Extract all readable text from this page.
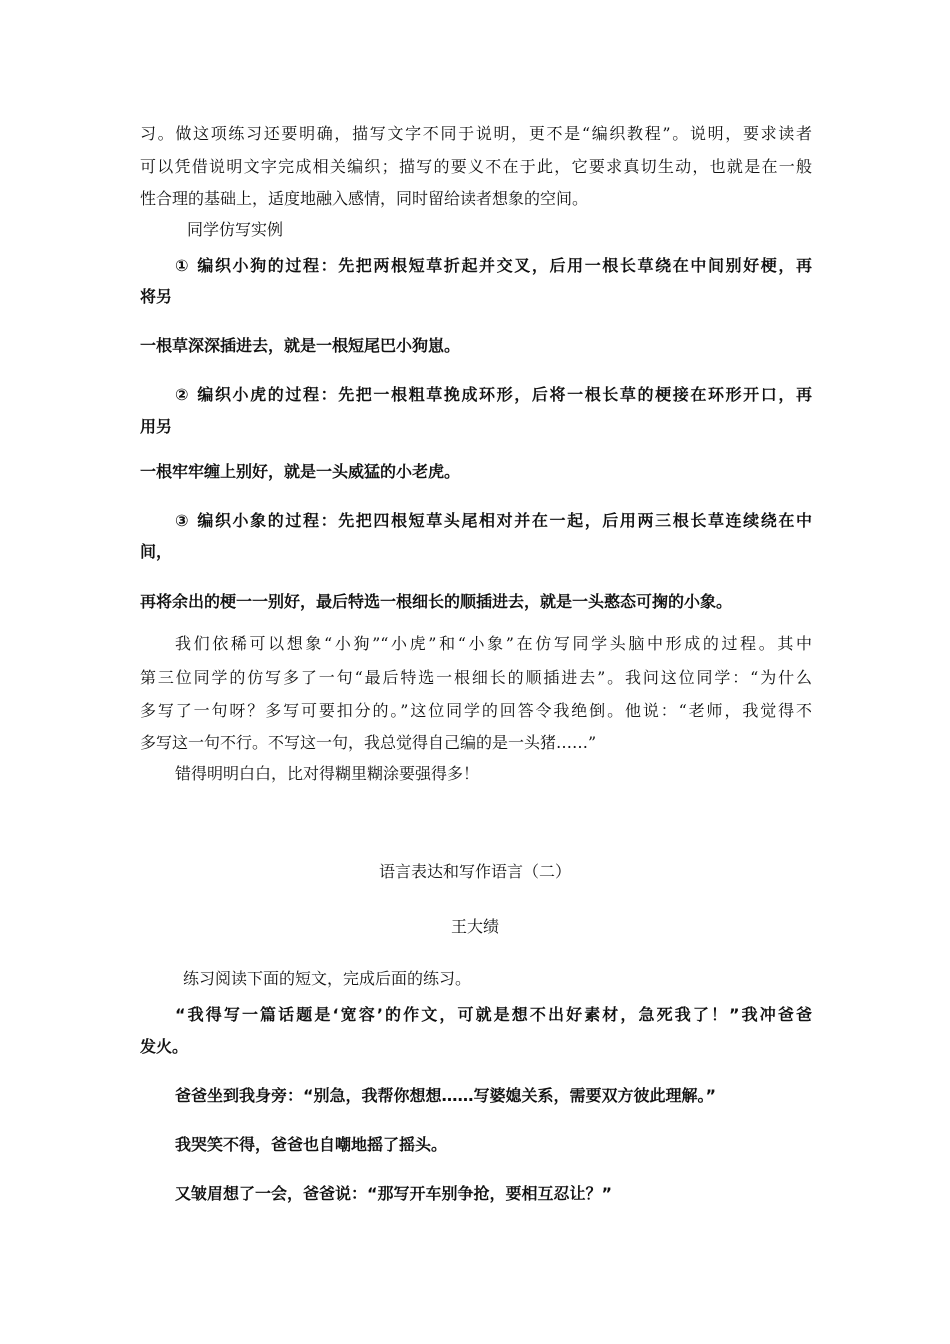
习。做这项练习还要明确，描写文字不同于说明，更不是“编织教程”。说明，要求读者
可以凭借说明文字完成相关编织；描写的要义不在于此，它要求真切生动，也就是在一般
性合理的基础上，适度地融入感情，同时留给读者想象的空间。
同学仿写实例
① 编织小狗的过程：先把两根短草折起并交叉，后用一根长草绕在中间别好梗，再
将另
一根草深深插进去，就是一根短尾巴小狗崽。
② 编织小虎的过程：先把一根粗草挽成环形，后将一根长草的梗接在环形开口，再
用另
一根牢牢缠上别好，就是一头威猛的小老虎。
③ 编织小象的过程：先把四根短草头尾相对并在一起，后用两三根长草连续绕在中
间，
再将余出的梗一一别好，最后特选一根细长的顺插进去，就是一头憨态可掬的小象。
我们依稀可以想象“小狗”“小虎”和“小象”在仿写同学头脑中形成的过程。其中
第三位同学的仿写多了一句“最后特选一根细长的顺插进去”。我问这位同学：“为什么
多写了一句呀？多写可要扣分的。”这位同学的回答令我绝倒。他说：“老师，我觉得不
多写这一句不行。不写这一句，我总觉得自己编的是一头猪……”
错得明明白白，比对得糊里糊涂要强得多！
语言表达和写作语言（二）
王大绩
练习阅读下面的短文，完成后面的练习。
“我得写一篇话题是‘宽容’的作文，可就是想不出好素材，急死我了！”我冲爸爸
发火。
爸爸坐到我身旁：“别急，我帮你想想……写婆媳关系，需要双方彼此理解。”
我哭笑不得，爸爸也自嘲地摇了摇头。
又皱眉想了一会，爸爸说：“那写开车别争抢，要相互忍让？”
